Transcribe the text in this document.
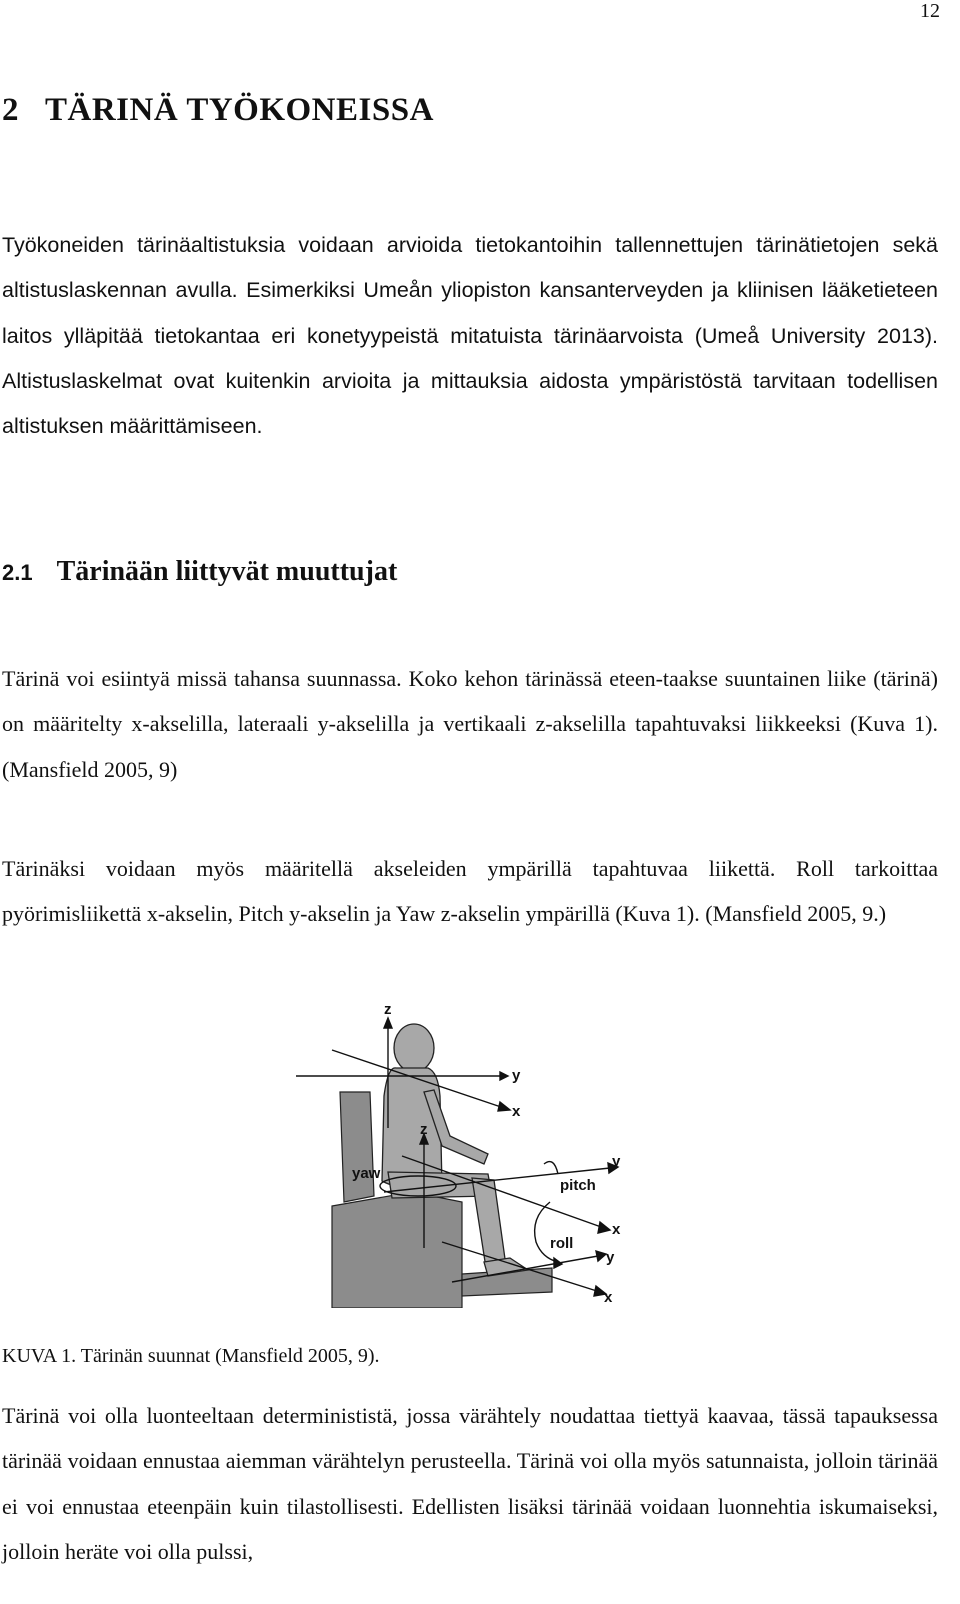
12
2 TÄRINÄ TYÖKONEISSA

Työkoneiden tärinäaltistuksia voidaan arvioida tietokantoihin tallennettujen tärinätietojen sekä altistuslaskennan avulla. Esimerkiksi Umeån yliopiston kansanterveyden ja kliinisen lääketieteen laitos ylläpitää tietokantaa eri konetyypeistä mitatuista tärinäarvoista (Umeå University 2013). Altistuslaskelmat ovat kuitenkin arvioita ja mittauksia aidosta ympäristöstä tarvitaan todellisen altistuksen määrittämiseen.

2.1 Tärinään liittyvät muuttujat

Tärinä voi esiintyä missä tahansa suunnassa. Koko kehon tärinässä eteen-taakse suuntainen liike (tärinä) on määritelty x-akselilla, lateraali y-akselilla ja vertikaali z-akselilla tapahtuvaksi liikkeeksi (Kuva 1). (Mansfield 2005, 9)

Tärinäksi voidaan myös määritellä akseleiden ympärillä tapahtuvaa liikettä. Roll tarkoittaa pyörimisliikettä x-akselin, Pitch y-akselin ja Yaw z-akselin ympärillä (Kuva 1). (Mansfield 2005, 9.)

z
y
x
z
yaw
y
pitch
x
roll
y
x
KUVA 1. Tärinän suunnat (Mansfield 2005, 9).

Tärinä voi olla luonteeltaan determinististä, jossa värähtely noudattaa tiettyä kaavaa, tässä tapauksessa tärinää voidaan ennustaa aiemman värähtelyn perusteella. Tärinä voi olla myös satunnaista, jolloin tärinää ei voi ennustaa eteenpäin kuin tilastollisesti. Edellisten lisäksi tärinää voidaan luonnehtia iskumaiseksi, jolloin heräte voi olla pulssi,
